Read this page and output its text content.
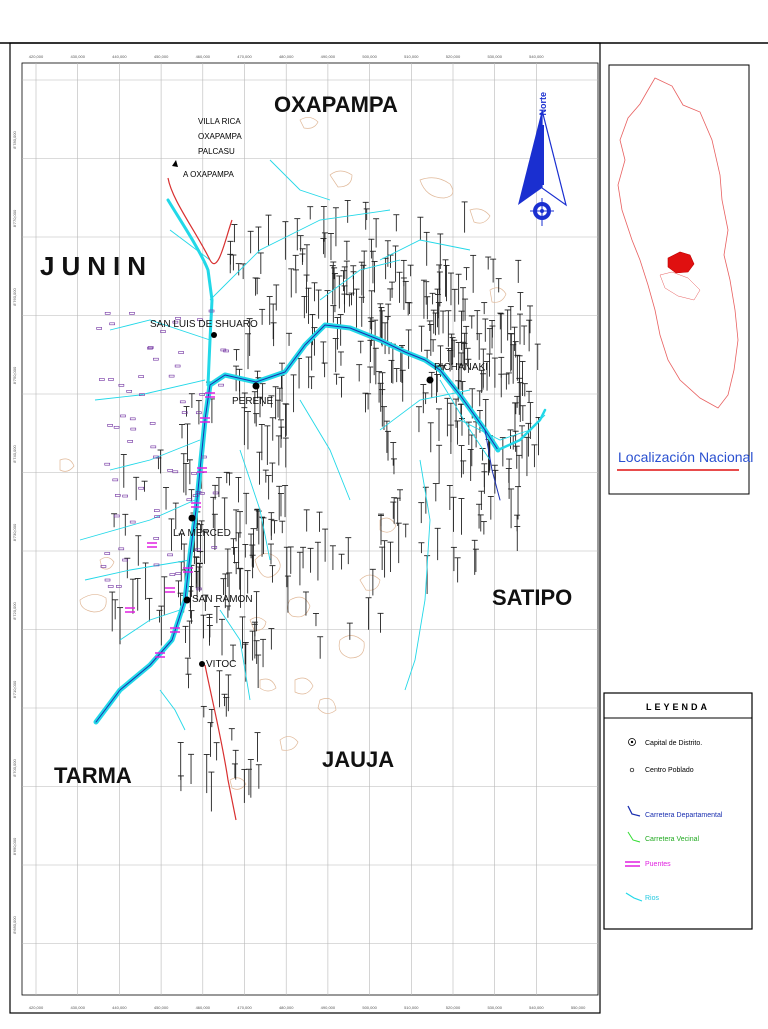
420,000	430,000	440,000	450,000	460,000	470,000	480,000	490,000	500,000	510,000	520,000	530,000	540,000
420,000	430,000	440,000	450,000	460,000	470,000	480,000	490,000	500,000	510,000	520,000	530,000	540,000	550,000
8'780,000
8'770,000
8'760,000
8'750,000
8'740,000
8'730,000
8'720,000
8'710,000
8'700,000
8'690,000
8'680,000
OXAPAMPA
JUNIN
SATIPO
TARMA
JAUJA
VILLA RICA
OXAPAMPA
PALCASU
A OXAPAMPA
SAN LUIS DE SHUARO
PERENE
PICHANAKI
LA MERCED
SAN RAMON
VITOC
Norte
Localización Nacional
LEYENDA
Capital de Distrito.
Centro Poblado
Carretera Departamental
Carretera Vecinal
Puentes
Rios
